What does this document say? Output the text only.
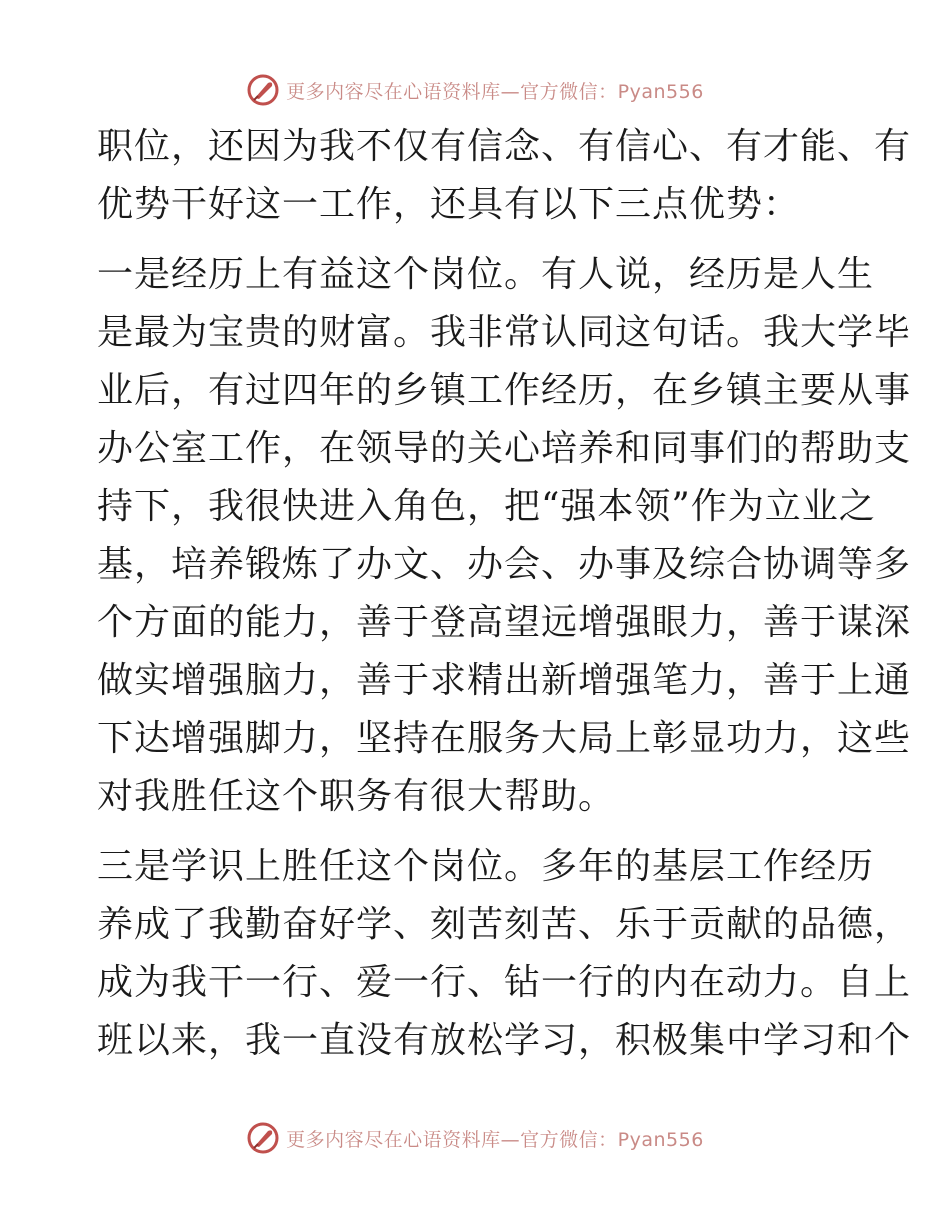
更多内容尽在心语资料库—官方微信：Pyan556
职位，还因为我不仅有信念、有信心、有才能、有
优势干好这一工作，还具有以下三点优势：
一是经历上有益这个岗位。有人说，经历是人生
是最为宝贵的财富。我非常认同这句话。我大学毕
业后，有过四年的乡镇工作经历，在乡镇主要从事
办公室工作，在领导的关心培养和同事们的帮助支
持下，我很快进入角色，把“强本领”作为立业之
基，培养锻炼了办文、办会、办事及综合协调等多
个方面的能力，善于登高望远增强眼力，善于谋深
做实增强脑力，善于求精出新增强笔力，善于上通
下达增强脚力，坚持在服务大局上彰显功力，这些
对我胜任这个职务有很大帮助。
三是学识上胜任这个岗位。多年的基层工作经历
养成了我勤奋好学、刻苦刻苦、乐于贡献的品德，
成为我干一行、爱一行、钻一行的内在动力。自上
班以来，我一直没有放松学习，积极集中学习和个
更多内容尽在心语资料库—官方微信：Pyan556
